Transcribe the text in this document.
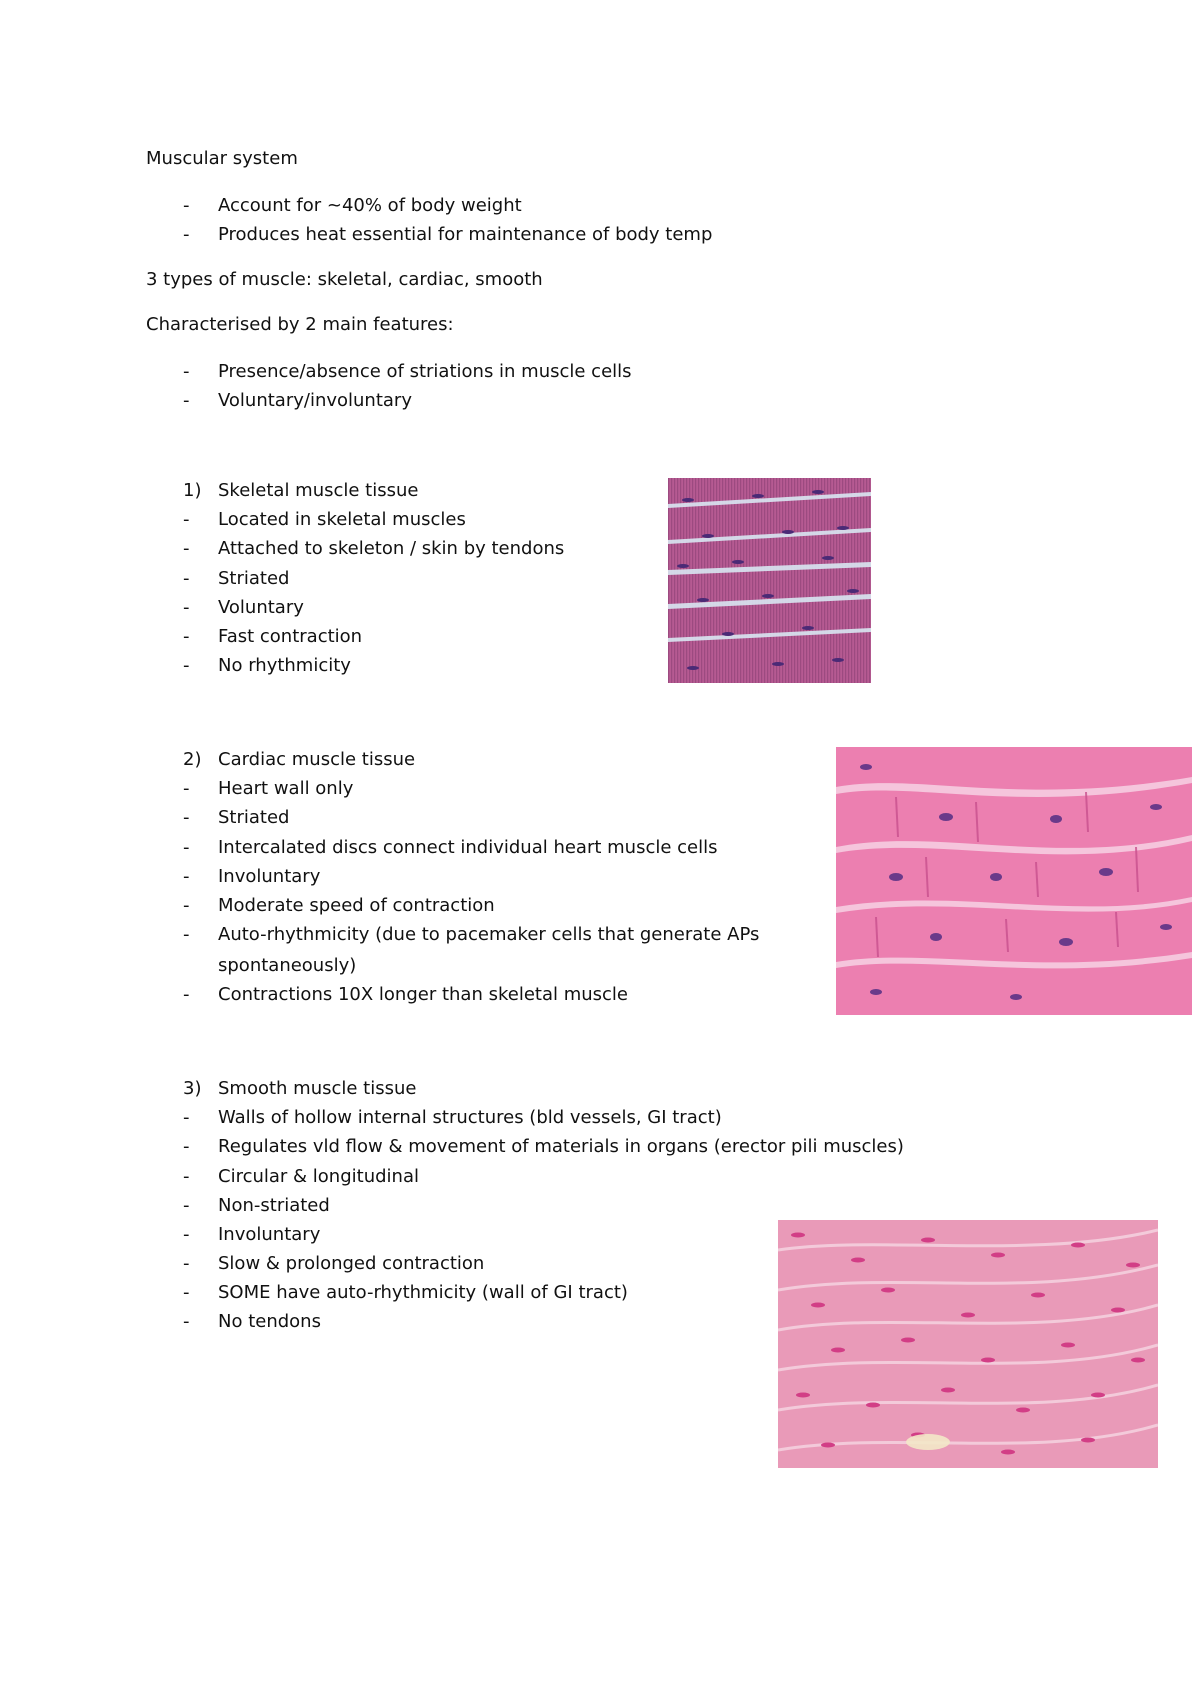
Muscular system
-	Account for ~40% of body weight
-	Produces heat essential for maintenance of body temp
3 types of muscle: skeletal, cardiac, smooth
Characterised by 2 main features:
-	Presence/absence of striations in muscle cells
-	Voluntary/involuntary
1) Skeletal muscle tissue
-	Located in skeletal muscles
-	Attached to skeleton / skin by tendons
-	Striated
-	Voluntary
-	Fast contraction
-	No rhythmicity
2) Cardiac muscle tissue
-	Heart wall only
-	Striated
-	Intercalated discs connect individual heart muscle cells
-	Involuntary
-	Moderate speed of contraction
-	Auto-rhythmicity (due to pacemaker cells that generate APs
spontaneously)
-	Contractions 10X longer than skeletal muscle
3) Smooth muscle tissue
-	Walls of hollow internal structures (bld vessels, GI tract)
-	Regulates vld flow & movement of materials in organs (erector pili muscles)
-	Circular & longitudinal
-	Non-striated
-	Involuntary
-	Slow & prolonged contraction
-	SOME have auto-rhythmicity (wall of GI tract)
-	No tendons
